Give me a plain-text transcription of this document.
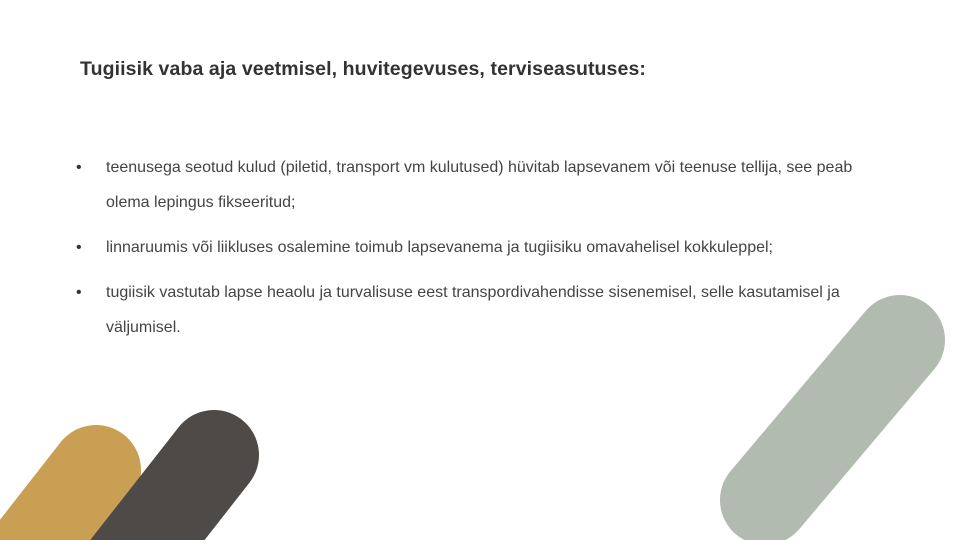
Tugiisik vaba aja veetmisel, huvitegevuses, terviseasutuses:
• teenusega seotud kulud (piletid, transport vm kulutused) hüvitab lapsevanem või teenuse tellija, see peab olema lepingus fikseeritud;
• linnaruumis või liikluses osalemine toimub lapsevanema ja tugiisiku omavahelisel kokkuleppel;
• tugiisik vastutab lapse heaolu ja turvalisuse eest transpordivahendisse sisenemisel, selle kasutamisel ja väljumisel.
